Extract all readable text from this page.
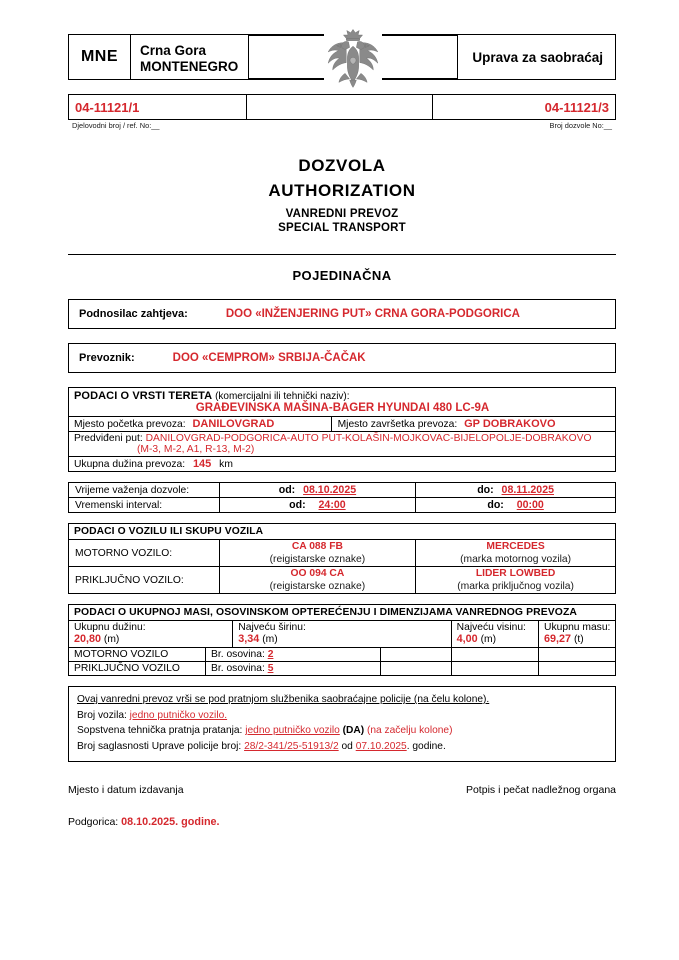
MNE	Crna Gora
MONTENEGRO
Uprava za saobraćaj
04-11121/1	04-11121/3
Djelovodni broj / ref. No:__	Broj dozvole No:__
DOZVOLA
AUTHORIZATION
VANREDNI PREVOZ
SPECIAL TRANSPORT
POJEDINAČNA
Podnosilac zahtjeva:	DOO «INŽENJERING PUT» CRNA GORA-PODGORICA
Prevoznik:	DOO «CEMPROM» SRBIJA-ČAČAK
PODACI O VRSTI TERETA (komercijalni ili tehnički naziv):

GRAĐEVINSKA MAŠINA-BAGER HYUNDAI 480 LC-9A

Mjesto početka prevoza: DANILOVGRAD	Mjesto završetka prevoza: GP DOBRAKOVO

Predviđeni put: DANILOVGRAD-PODGORICA-AUTO PUT-KOLAŠIN-MOJKOVAC-BIJELOPOLJE-DOBRAKOVO
(M-3, M-2, A1, R-13, M-2)

Ukupna dužina prevoza: 145 km
Vrijeme važenja dozvole:	od: 08.10.2025	do: 08.11.2025
Vremenski interval:	od: 24:00	do: 00:00
PODACI O VOZILU ILI SKUPU VOZILA		
MOTORNO VOZILO:	CA 088 FB	MERCEDES
	(reigistarske oznake)	(marka motornog vozila)
PRIKLJUČNO VOZILO:	OO 094 CA	LIDER LOWBED
	(reigistarske oznake)	(marka priključnog vozila)
PODACI O UKUPNOJ MASI, OSOVINSKOM OPTEREĆENJU I DIMENZIJAMA VANREDNOG PREVOZA					

Ukupnu dužinu:
20,80 (m)

Najveću širinu:
3,34 (m)

Najveću visinu:
4,00 (m)

Ukupnu masu:
69,27 (t)

MOTORNO VOZILO	Br. osovina: 2				
PRIKLJUČNO VOZILO	Br. osovina: 5				
Ovaj vanredni prevoz vrši se pod pratnjom službenika saobraćajne policije (na čelu kolone).
Broj vozila: jedno putničko vozilo.
Sopstvena tehnička pratnja pratanja: jedno putničko vozilo (DA) (na začelju kolone)
Broj saglasnosti Uprave policije broj: 28/2-341/25-51913/2 od 07.10.2025. godine.
Mjesto i datum izdavanja	Potpis i pečat nadležnog organa
Podgorica: 08.10.2025. godine.
